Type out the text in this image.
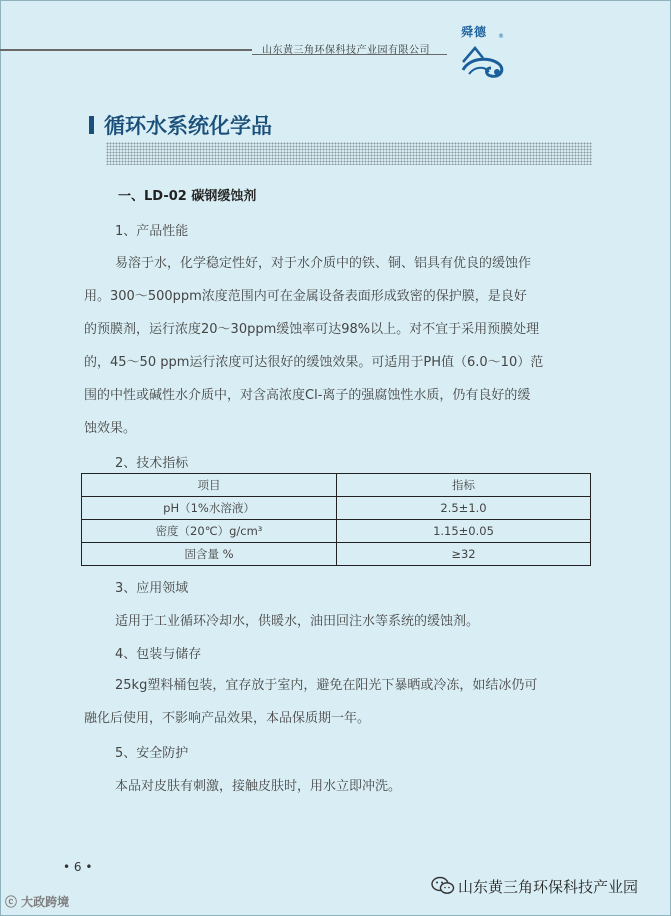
山东黄三角环保科技产业园有限公司
舜德 ®
循环水系统化学品
一、LD-02 碳钢缓蚀剂
1、产品性能
易溶于水，化学稳定性好，对于水介质中的铁、铜、铝具有优良的缓蚀作
用。300～500ppm浓度范围内可在金属设备表面形成致密的保护膜，是良好
的预膜剂，运行浓度20～30ppm缓蚀率可达98%以上。对不宜于采用预膜处理
的，45～50 ppm运行浓度可达很好的缓蚀效果。可适用于PH值（6.0～10）范
围的中性或碱性水介质中，对含高浓度Cl-离子的强腐蚀性水质，仍有良好的缓
蚀效果。
2、技术指标
项目	指标
pH（1%水溶液）	2.5±1.0
密度（20℃）g/cm³	1.15±0.05
固含量 %	≥32
3、应用领域
适用于工业循环冷却水，供暖水，油田回注水等系统的缓蚀剂。
4、包装与储存
25kg塑料桶包装，宜存放于室内，避免在阳光下暴晒或冷冻，如结冰仍可
融化后使用，不影响产品效果，本品保质期一年。
5、安全防护
本品对皮肤有刺激，接触皮肤时，用水立即冲洗。
• 6 •
ⓒ 大政跨境
山东黄三角环保科技产业园
